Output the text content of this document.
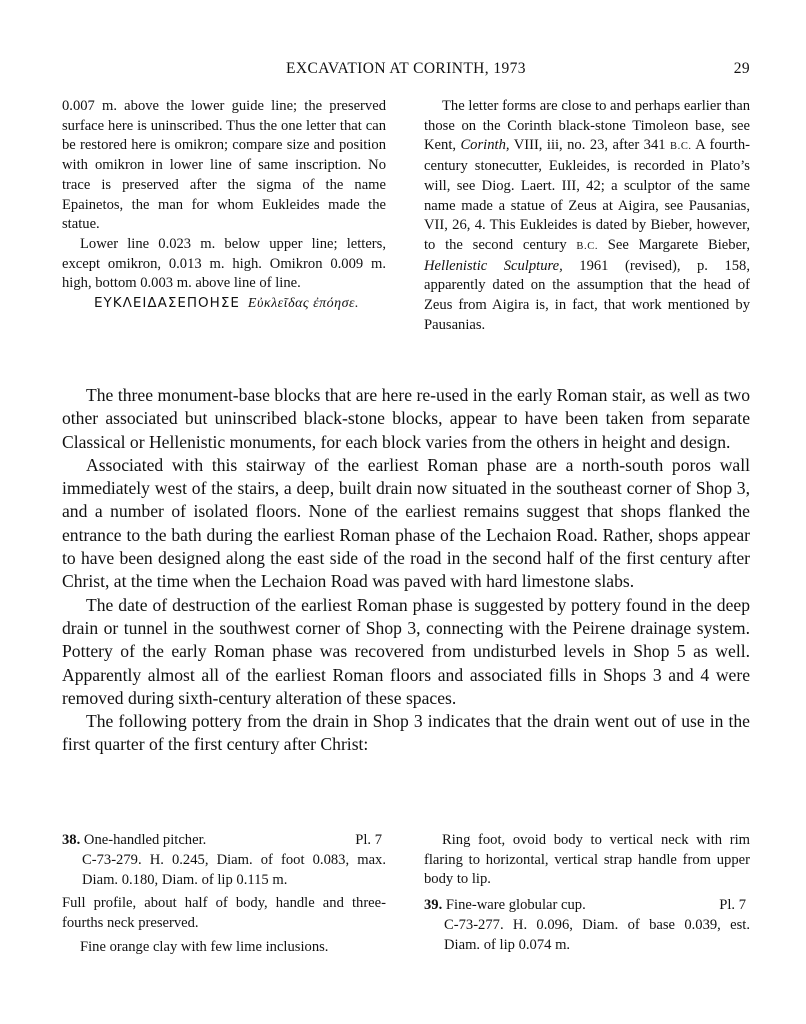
EXCAVATION AT CORINTH, 1973	29

0.007 m. above the lower guide line; the preserved surface here is uninscribed. Thus the one letter that can be restored here is omikron; compare size and position with omikron in lower line of same inscription. No trace is preserved after the sigma of the name Epainetos, the man for whom Eukleides made the statue.

Lower line 0.023 m. below upper line; letters, except omikron, 0.013 m. high. Omikron 0.009 m. high, bottom 0.003 m. above line of line.

ΕΥΚΛΕΙΔΑΣΕΠΟΗΣΕ Εὐκλεῖδας ἐπόησε.

The letter forms are close to and perhaps earlier than those on the Corinth black-stone Timoleon base, see Kent, Corinth, VIII, iii, no. 23, after 341 B.C. A fourth-century stonecutter, Eukleides, is recorded in Plato’s will, see Diog. Laert. III, 42; a sculptor of the same name made a statue of Zeus at Aigira, see Pausanias, VII, 26, 4. This Eukleides is dated by Bieber, however, to the second century B.C. See Margarete Bieber, Hellenistic Sculpture, 1961 (revised), p. 158, apparently dated on the assumption that the head of Zeus from Aigira is, in fact, that work mentioned by Pausanias.

The three monument-base blocks that are here re-used in the early Roman stair, as well as two other associated but uninscribed black-stone blocks, appear to have been taken from separate Classical or Hellenistic monuments, for each block varies from the others in height and design.

Associated with this stairway of the earliest Roman phase are a north-south poros wall immediately west of the stairs, a deep, built drain now situated in the southeast corner of Shop 3, and a number of isolated floors. None of the earliest remains suggest that shops flanked the entrance to the bath during the earliest Roman phase of the Lechaion Road. Rather, shops appear to have been designed along the east side of the road in the second half of the first century after Christ, at the time when the Lechaion Road was paved with hard limestone slabs.

The date of destruction of the earliest Roman phase is suggested by pottery found in the deep drain or tunnel in the southwest corner of Shop 3, connecting with the Peirene drainage system. Pottery of the early Roman phase was recovered from undisturbed levels in Shop 5 as well. Apparently almost all of the earliest Roman floors and associated fills in Shops 3 and 4 were removed during sixth-century alteration of these spaces.

The following pottery from the drain in Shop 3 indicates that the drain went out of use in the first quarter of the first century after Christ:

38. One-handled pitcher.	Pl. 7
C-73-279. H. 0.245, Diam. of foot 0.083, max. Diam. 0.180, Diam. of lip 0.115 m.

Full profile, about half of body, handle and three-fourths neck preserved.

Fine orange clay with few lime inclusions.

Ring foot, ovoid body to vertical neck with rim flaring to horizontal, vertical strap handle from upper body to lip.

39. Fine-ware globular cup.	Pl. 7
C-73-277. H. 0.096, Diam. of base 0.039, est. Diam. of lip 0.074 m.
